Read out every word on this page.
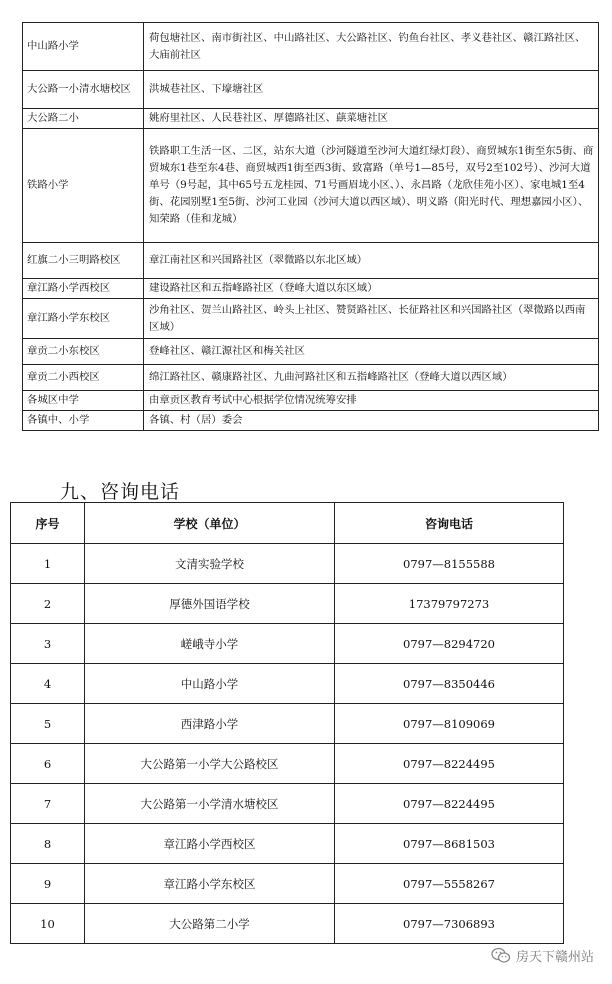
中山路小学	荷包塘社区、南市街社区、中山路社区、大公路社区、钓鱼台社区、孝义巷社区、赣江路社区、大庙前社区
大公路一小清水塘校区	洪城巷社区、下壕塘社区
大公路二小	姚府里社区、人民巷社区、厚德路社区、蕻菜塘社区
铁路小学	铁路职工生活一区、二区，站东大道（沙河隧道至沙河大道红绿灯段）、商贸城东1街至东5街、商贸城东1巷至东4巷、商贸城西1街至西3街、致富路（单号1—85号，双号2至102号）、沙河大道单号（9号起，其中65号五龙桂园、71号画眉垅小区、）、永昌路（龙欣佳苑小区）、家电城1至4街、花园别墅1至5街、沙河工业园（沙河大道以西区域）、明义路（阳光时代、理想嘉园小区）、知荣路（佳和龙城）
红旗二小三明路校区	章江南社区和兴国路社区（翠微路以东北区域）
章江路小学西校区	建设路社区和五指峰路社区（登峰大道以东区域）
章江路小学东校区	沙角社区、贺兰山路社区、岭头上社区、赞贤路社区、长征路社区和兴国路社区（翠微路以西南区域）
章贡二小东校区	登峰社区、赣江源社区和梅关社区
章贡二小西校区	绵江路社区、赣康路社区、九曲河路社区和五指峰路社区（登峰大道以西区域）
各城区中学	由章贡区教育考试中心根据学位情况统筹安排
各镇中、小学	各镇、村（居）委会
九、咨询电话
序号	学校（单位）	咨询电话
1	文清实验学校	0797—8155588
2	厚德外国语学校	17379797273
3	嵯峨寺小学	0797—8294720
4	中山路小学	0797—8350446
5	西津路小学	0797—8109069
6	大公路第一小学大公路校区	0797—8224495
7	大公路第一小学清水塘校区	0797—8224495
8	章江路小学西校区	0797—8681503
9	章江路小学东校区	0797—5558267
10	大公路第二小学	0797—7306893
房天下赣州站
